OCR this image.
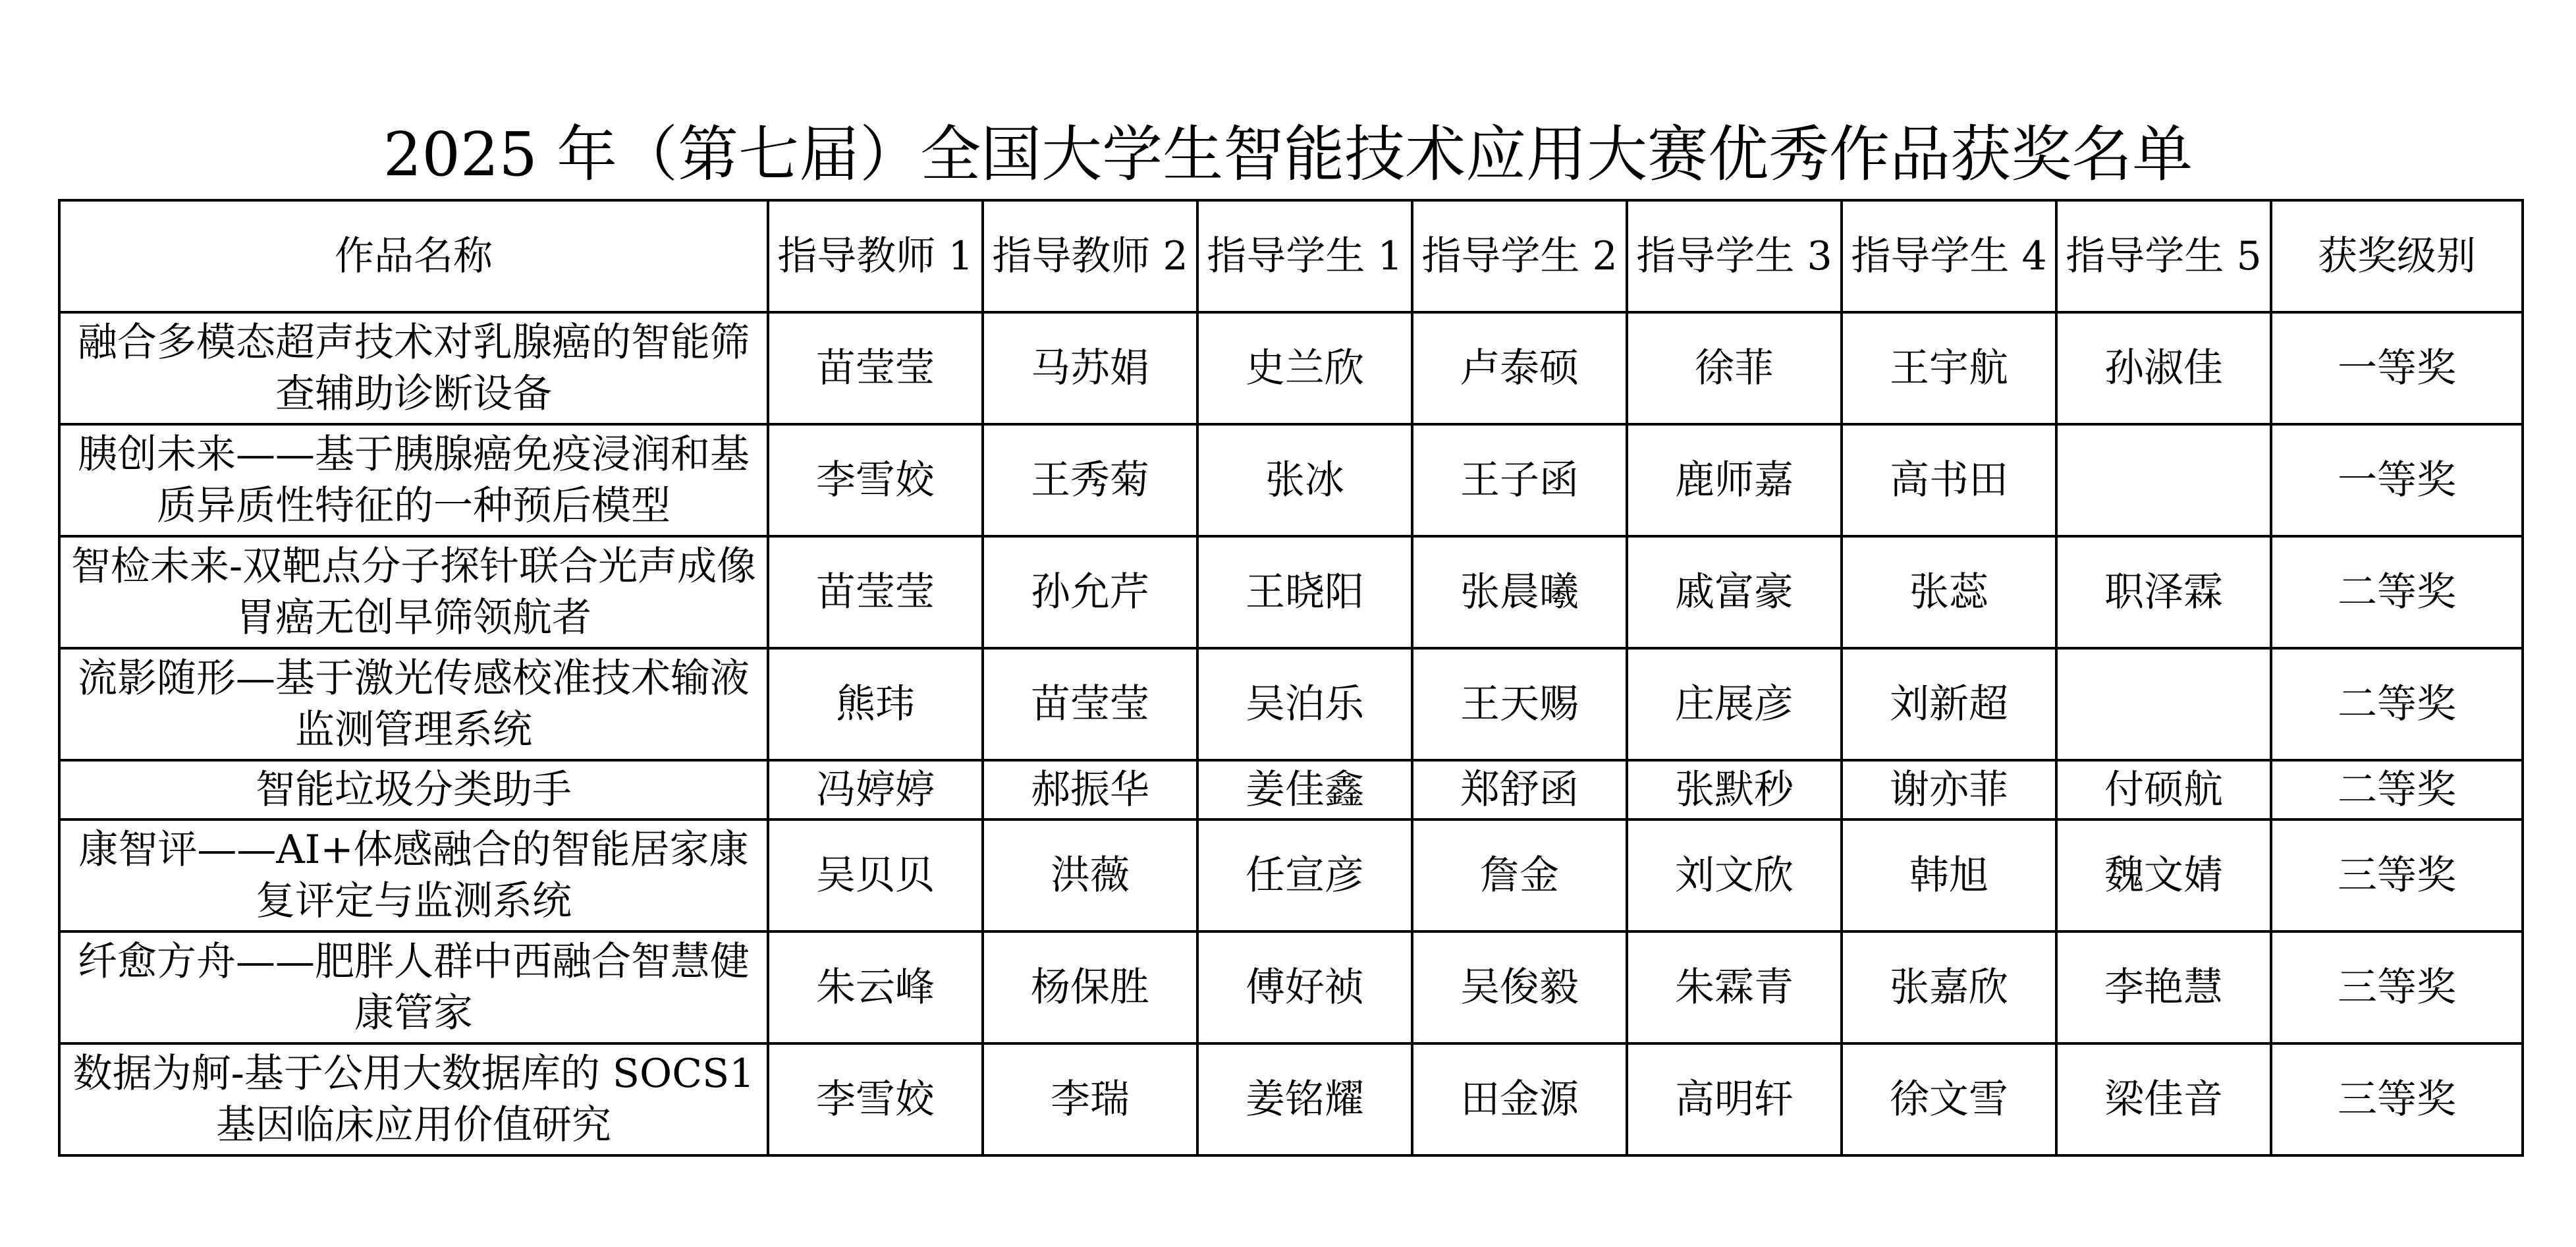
2025 年（第七届）全国大学生智能技术应用大赛优秀作品获奖名单
作品名称	指导教师 1	指导教师 2	指导学生 1	指导学生 2	指导学生 3	指导学生 4	指导学生 5	获奖级别
融合多模态超声技术对乳腺癌的智能筛查辅助诊断设备	苗莹莹	马苏娟	史兰欣	卢泰硕	徐菲	王宇航	孙淑佳	一等奖
胰创未来——基于胰腺癌免疫浸润和基质异质性特征的一种预后模型	李雪姣	王秀菊	张冰	王子函	鹿师嘉	高书田		一等奖
智检未来-双靶点分子探针联合光声成像胃癌无创早筛领航者	苗莹莹	孙允芹	王晓阳	张晨曦	戚富豪	张蕊	职泽霖	二等奖
流影随形—基于激光传感校准技术输液监测管理系统	熊玮	苗莹莹	吴泊乐	王天赐	庄展彦	刘新超		二等奖
智能垃圾分类助手	冯婷婷	郝振华	姜佳鑫	郑舒函	张默秒	谢亦菲	付硕航	二等奖
康智评——AI+体感融合的智能居家康复评定与监测系统	吴贝贝	洪薇	任宣彦	詹金	刘文欣	韩旭	魏文婧	三等奖
纤愈方舟——肥胖人群中西融合智慧健康管家	朱云峰	杨保胜	傅好祯	吴俊毅	朱霖青	张嘉欣	李艳慧	三等奖
数据为舸-基于公用大数据库的 SOCS1 基因临床应用价值研究	李雪姣	李瑞	姜铭耀	田金源	高明轩	徐文雪	梁佳音	三等奖
